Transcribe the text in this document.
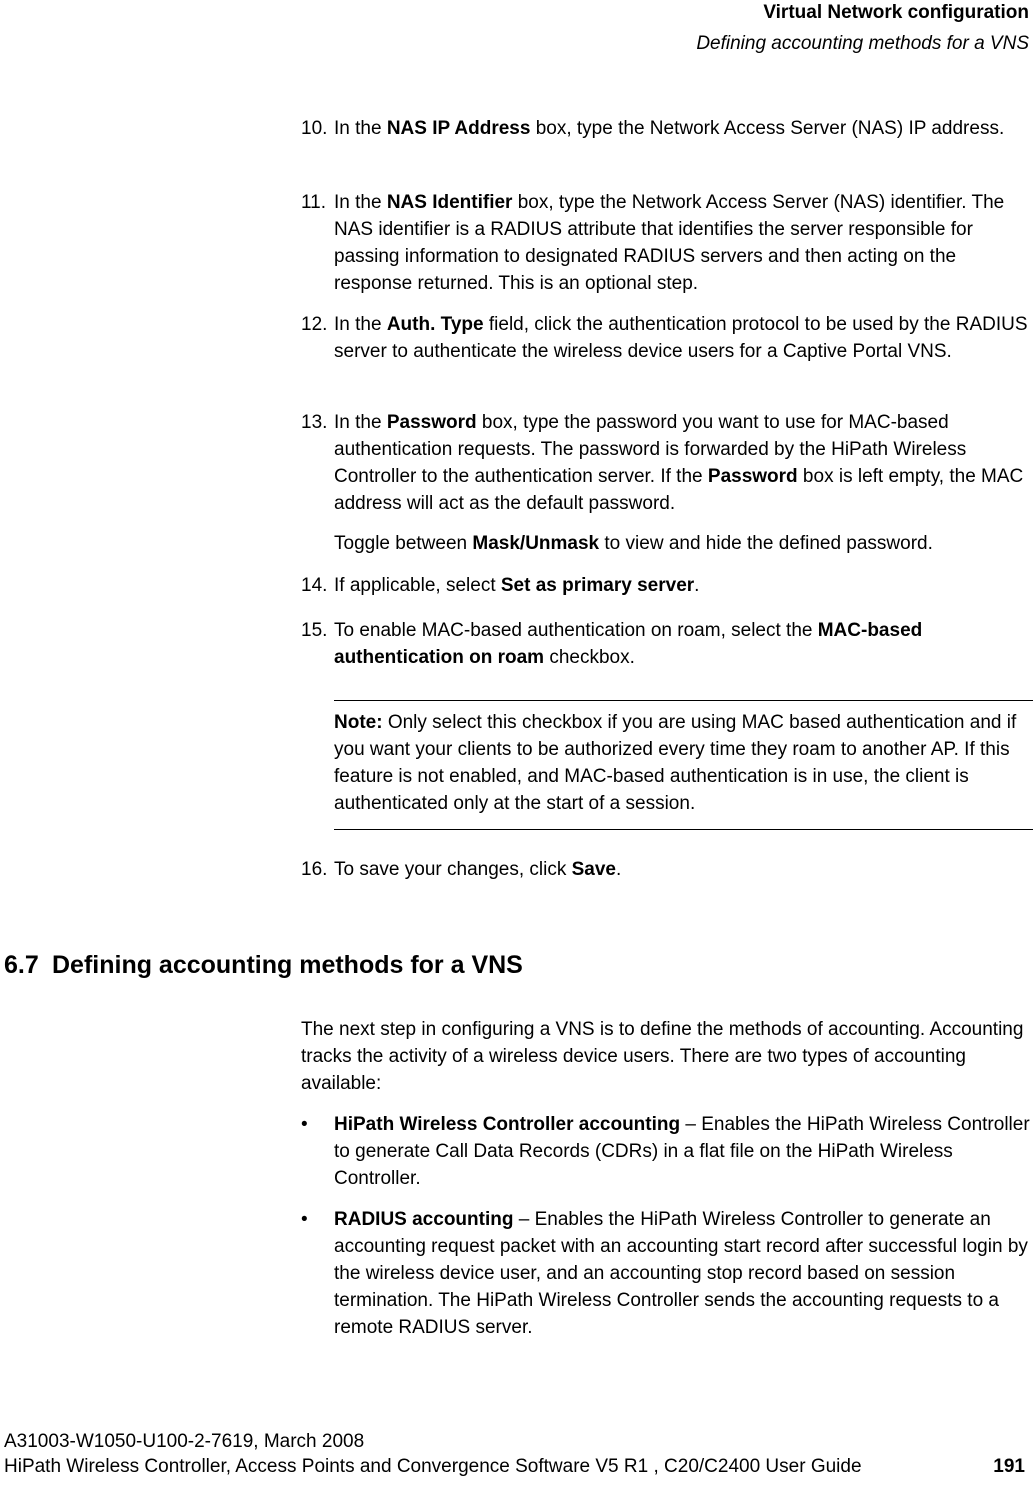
Virtual Network configuration
Defining accounting methods for a VNS
10. In the NAS IP Address box, type the Network Access Server (NAS) IP address.
11. In the NAS Identifier box, type the Network Access Server (NAS) identifier. The NAS identifier is a RADIUS attribute that identifies the server responsible for passing information to designated RADIUS servers and then acting on the response returned. This is an optional step.
12. In the Auth. Type field, click the authentication protocol to be used by the RADIUS server to authenticate the wireless device users for a Captive Portal VNS.
13. In the Password box, type the password you want to use for MAC-based authentication requests. The password is forwarded by the HiPath Wireless Controller to the authentication server. If the Password box is left empty, the MAC address will act as the default password.
Toggle between Mask/Unmask to view and hide the defined password.
14. If applicable, select Set as primary server.
15. To enable MAC-based authentication on roam, select the MAC-based authentication on roam checkbox.
Note: Only select this checkbox if you are using MAC based authentication and if you want your clients to be authorized every time they roam to another AP. If this feature is not enabled, and MAC-based authentication is in use, the client is authenticated only at the start of a session.
16. To save your changes, click Save.
6.7 Defining accounting methods for a VNS
The next step in configuring a VNS is to define the methods of accounting. Accounting tracks the activity of a wireless device users. There are two types of accounting available:
• HiPath Wireless Controller accounting – Enables the HiPath Wireless Controller to generate Call Data Records (CDRs) in a flat file on the HiPath Wireless Controller.
• RADIUS accounting – Enables the HiPath Wireless Controller to generate an accounting request packet with an accounting start record after successful login by the wireless device user, and an accounting stop record based on session termination. The HiPath Wireless Controller sends the accounting requests to a remote RADIUS server.
A31003-W1050-U100-2-7619, March 2008
HiPath Wireless Controller, Access Points and Convergence Software V5 R1 , C20/C2400 User Guide	191
